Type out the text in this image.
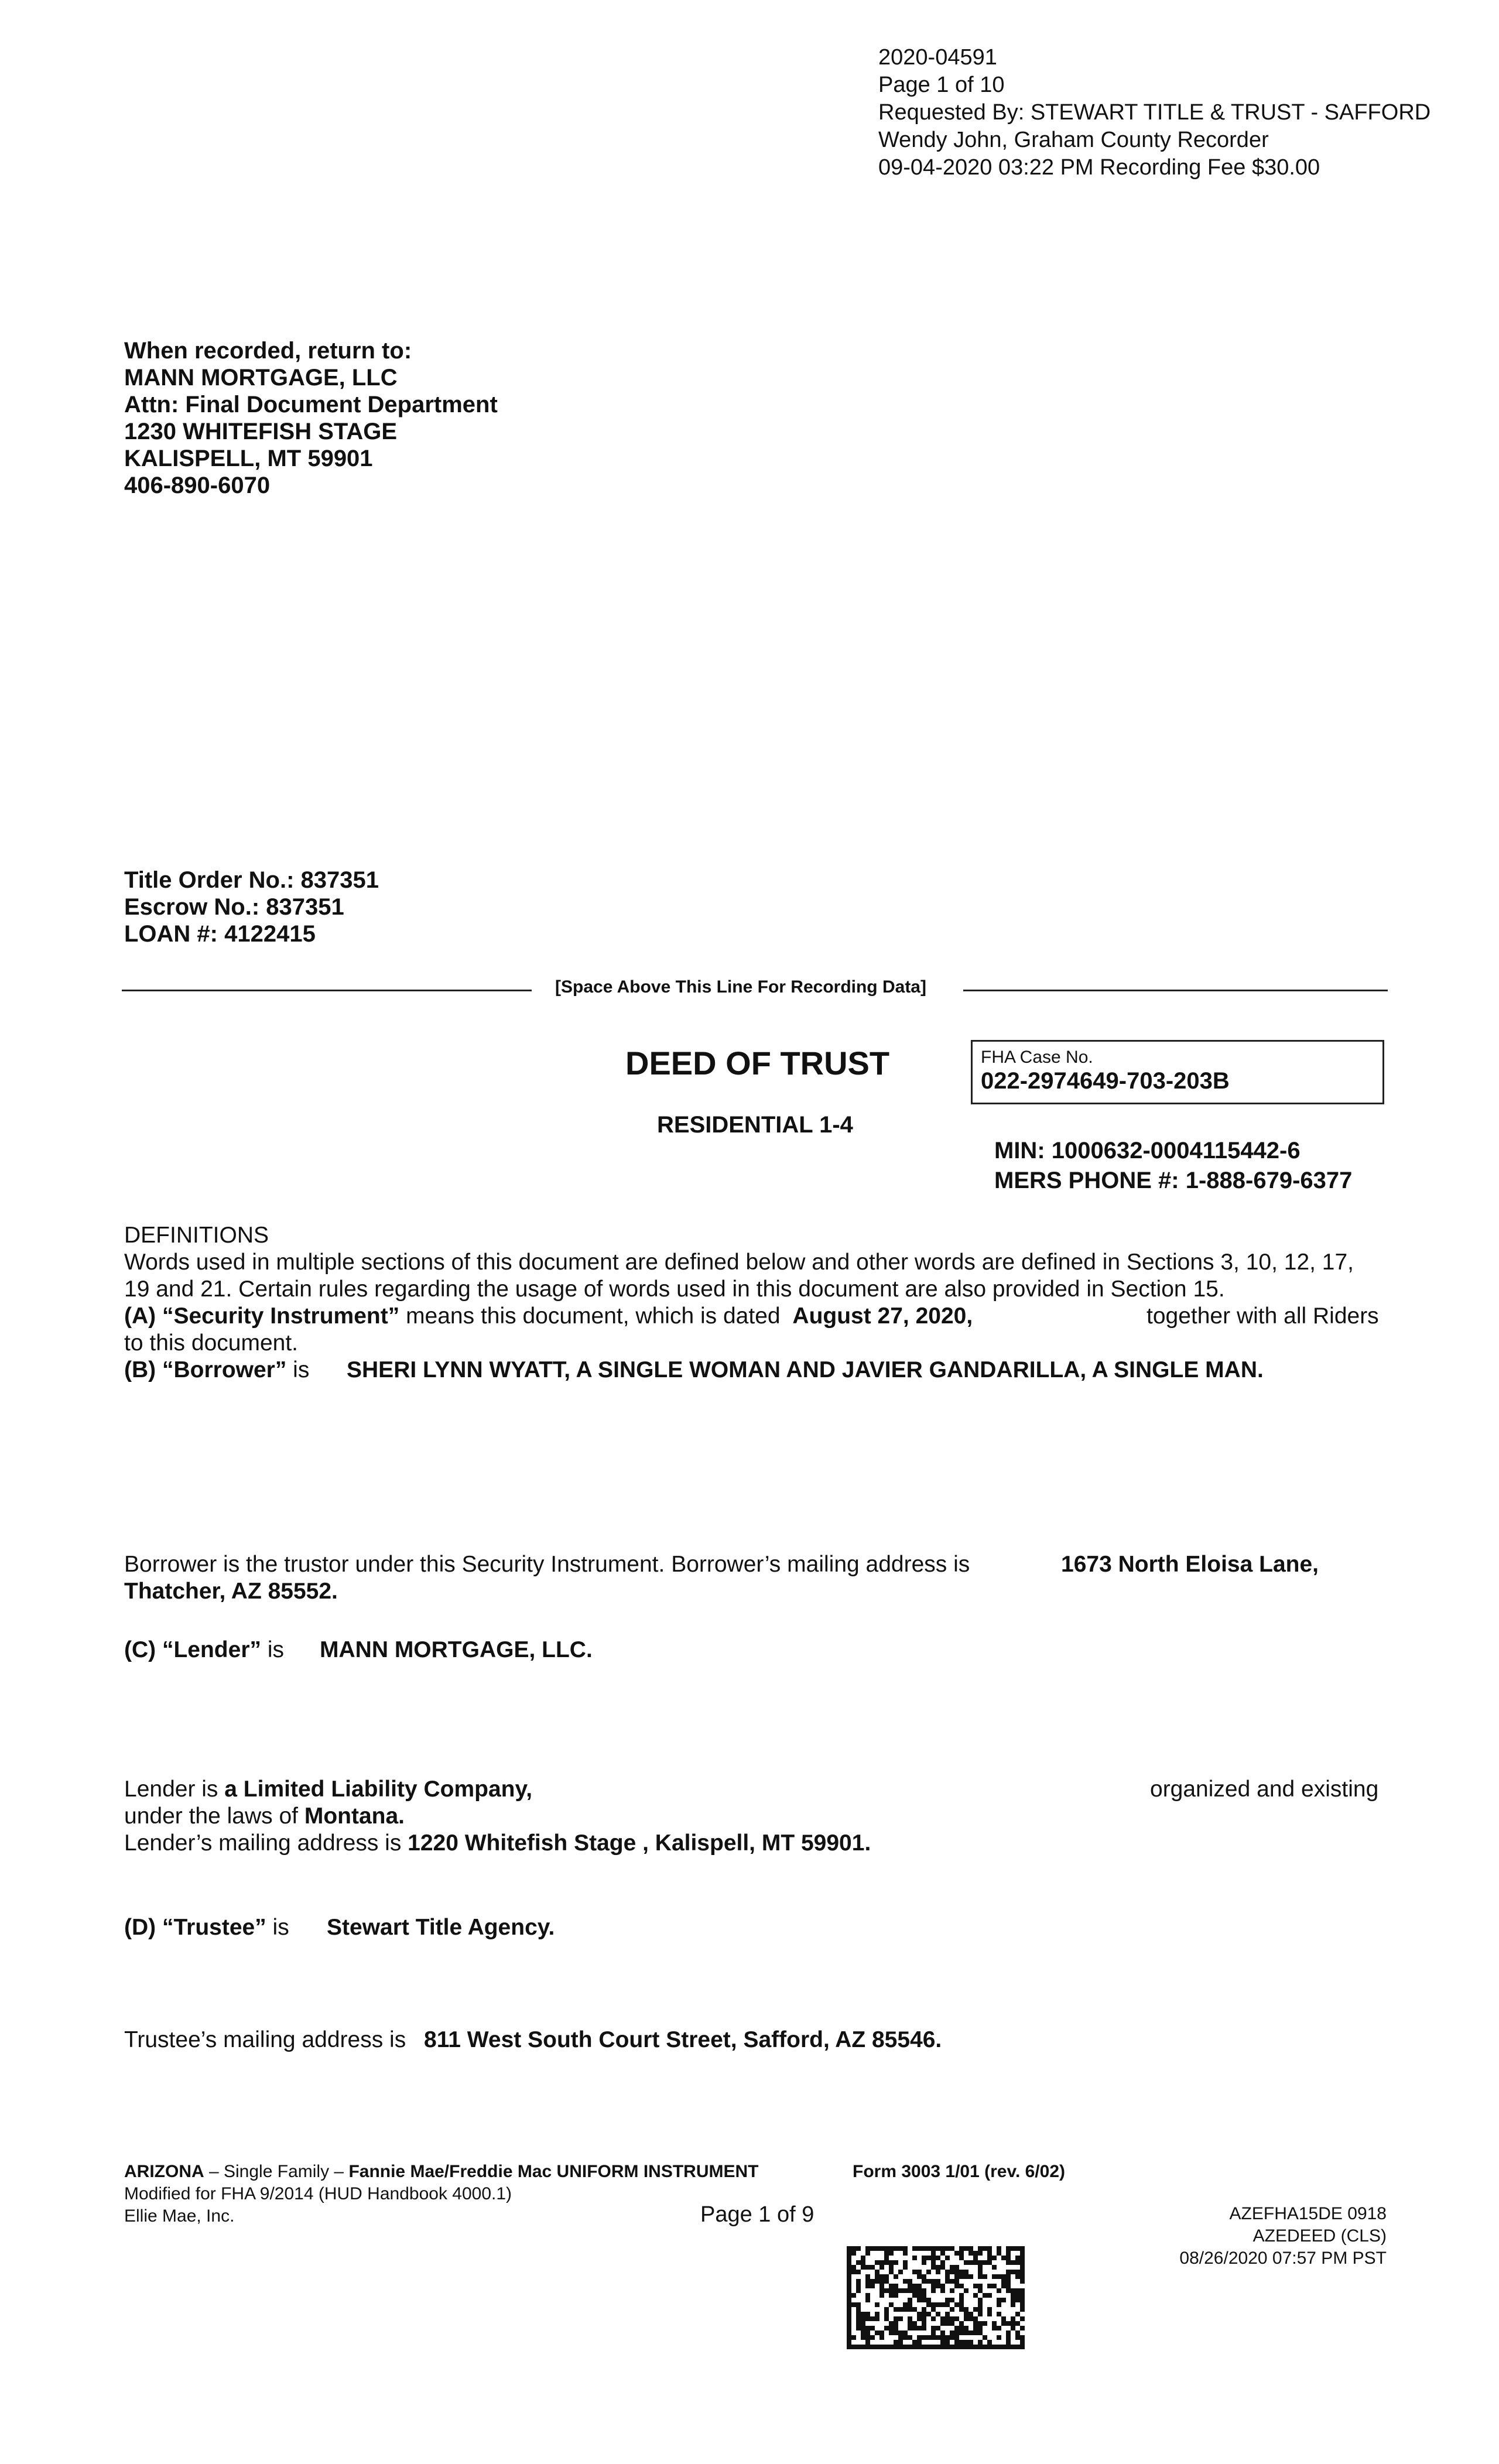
2020-04591
Page 1 of 10
Requested By: STEWART TITLE & TRUST - SAFFORD
Wendy John, Graham County Recorder
09-04-2020 03:22 PM Recording Fee $30.00
When recorded, return to:
MANN MORTGAGE, LLC
Attn: Final Document Department
1230 WHITEFISH STAGE
KALISPELL, MT 59901
406-890-6070
Title Order No.: 837351
Escrow No.: 837351
LOAN #: 4122415
[Space Above This Line For Recording Data]
DEED OF TRUST
RESIDENTIAL 1-4
FHA Case No.
022-2974649-703-203B
MIN: 1000632-0004115442-6
MERS PHONE #: 1-888-679-6377
DEFINITIONS
Words used in multiple sections of this document are defined below and other words are defined in Sections 3, 10, 12, 17,
19 and 21. Certain rules regarding the usage of words used in this document are also provided in Section 15.
(A) “Security Instrument” means this document, which is dated August 27, 2020,	together with all Riders
to this document.
(B) “Borrower” is SHERI LYNN WYATT, A SINGLE WOMAN AND JAVIER GANDARILLA, A SINGLE MAN.
Borrower is the trustor under this Security Instrument. Borrower’s mailing address is	1673 North Eloisa Lane,
Thatcher, AZ 85552.
(C) “Lender” is MANN MORTGAGE, LLC.
Lender is a Limited Liability Company,	organized and existing
under the laws of Montana.
Lender’s mailing address is 1220 Whitefish Stage , Kalispell, MT 59901.
(D) “Trustee” is Stewart Title Agency.
Trustee’s mailing address is 811 West South Court Street, Safford, AZ 85546.
ARIZONA – Single Family – Fannie Mae/Freddie Mac UNIFORM INSTRUMENT	Form 3003 1/01 (rev. 6/02)
Modified for FHA 9/2014 (HUD Handbook 4000.1)
Ellie Mae, Inc.	Page 1 of 9	AZEFHA15DE 0918
AZEDEED (CLS)
08/26/2020 07:57 PM PST
